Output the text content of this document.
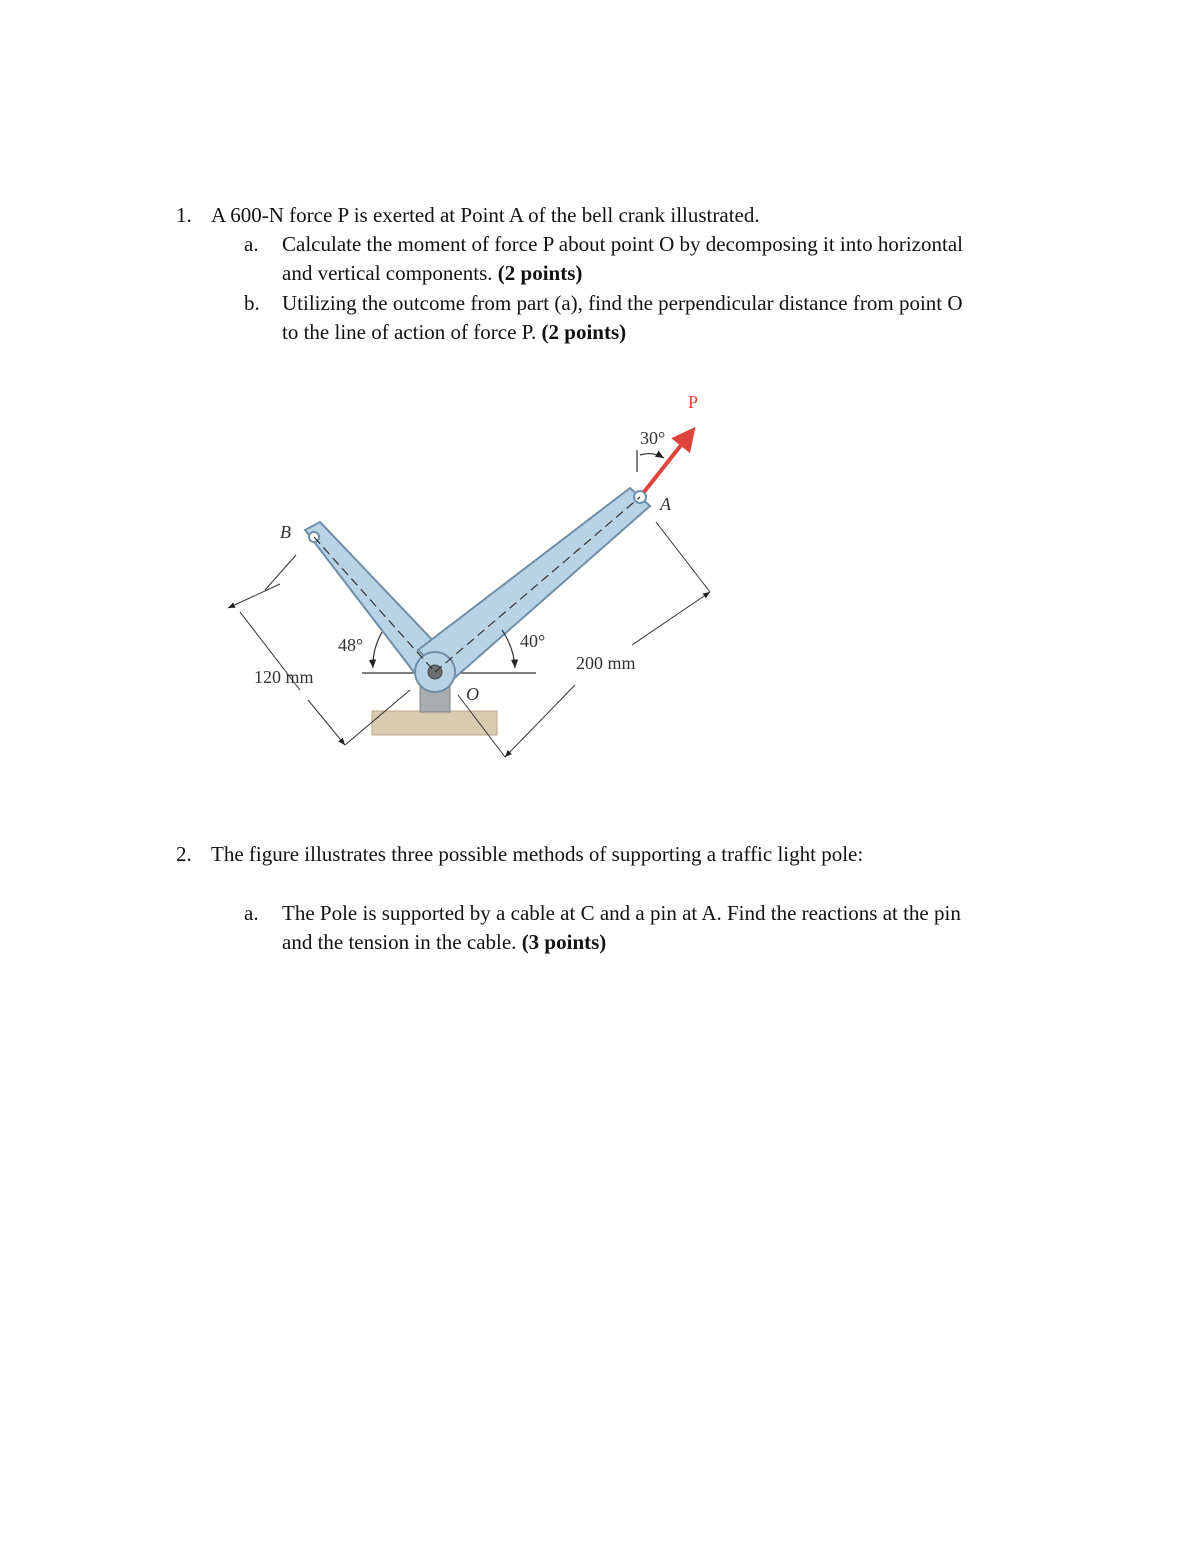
1. A 600-N force P is exerted at Point A of the bell crank illustrated.
a. Calculate the moment of force P about point O by decomposing it into horizontal
and vertical components. (2 points)
b. Utilizing the outcome from part (a), find the perpendicular distance from point O
to the line of action of force P. (2 points)
P
30°
A
B
48°	40°
200 mm
120 mm
O
2. The figure illustrates three possible methods of supporting a traffic light pole:
a. The Pole is supported by a cable at C and a pin at A. Find the reactions at the pin
and the tension in the cable. (3 points)
